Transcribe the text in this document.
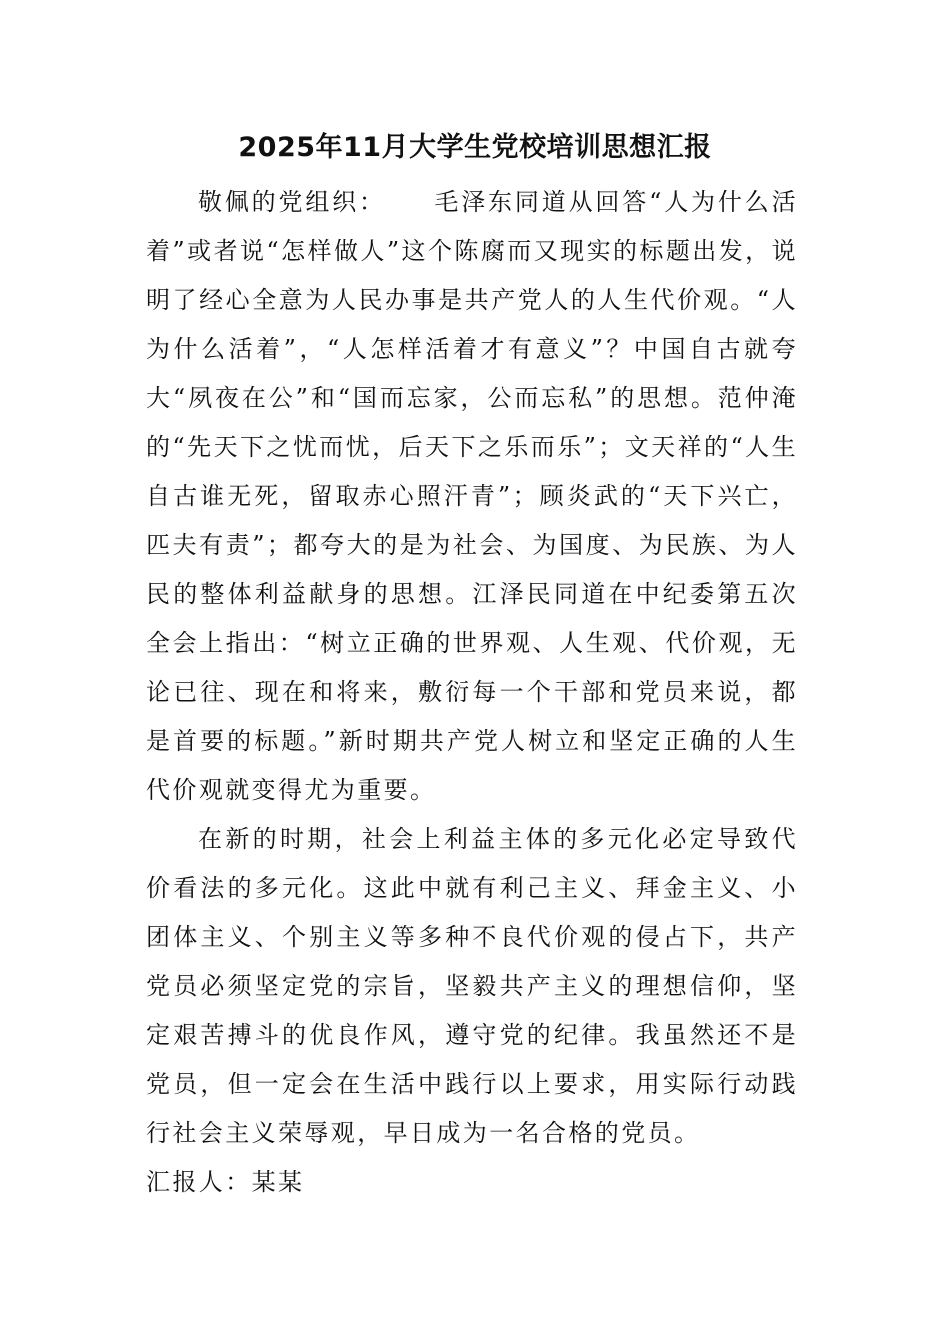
2025年11月大学生党校培训思想汇报

敬佩的党组织： 毛泽东同道从回答“人为什么活着”或者说“怎样做人”这个陈腐而又现实的标题出发，说明了经心全意为人民办事是共产党人的人生代价观。“人为什么活着”，“人怎样活着才有意义”？中国自古就夸大“夙夜在公”和“国而忘家，公而忘私”的思想。范仲淹的“先天下之忧而忧，后天下之乐而乐”；文天祥的“人生自古谁无死，留取赤心照汗青”；顾炎武的“天下兴亡，匹夫有责”；都夸大的是为社会、为国度、为民族、为人民的整体利益献身的思想。江泽民同道在中纪委第五次全会上指出：“树立正确的世界观、人生观、代价观，无论已往、现在和将来，敷衍每一个干部和党员来说，都是首要的标题。”新时期共产党人树立和坚定正确的人生代价观就变得尤为重要。

在新的时期，社会上利益主体的多元化必定导致代价看法的多元化。这此中就有利己主义、拜金主义、小团体主义、个别主义等多种不良代价观的侵占下，共产党员必须坚定党的宗旨，坚毅共产主义的理想信仰，坚定艰苦搏斗的优良作风，遵守党的纪律。我虽然还不是党员，但一定会在生活中践行以上要求，用实际行动践行社会主义荣辱观，早日成为一名合格的党员。

汇报人：某某
